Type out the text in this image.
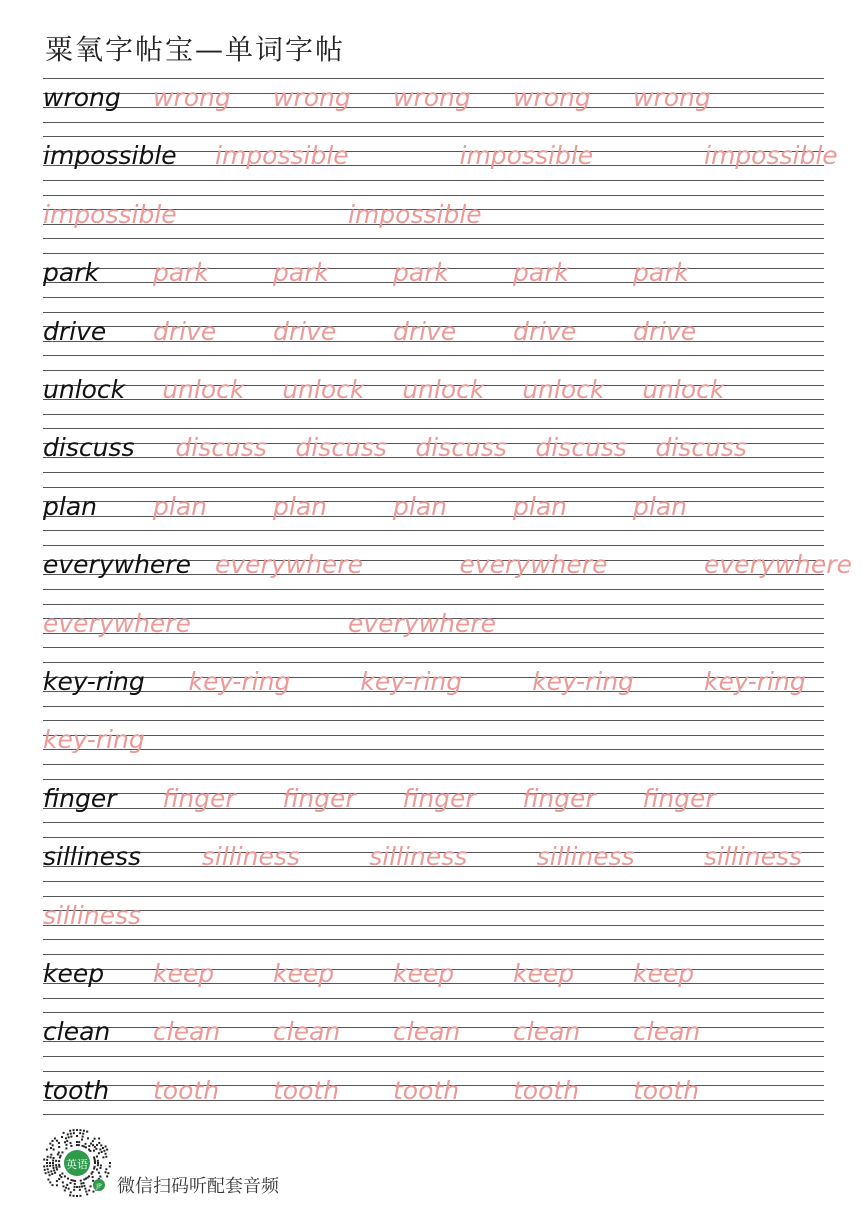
粟氧字帖宝—单词字帖
wrong wrong wrong wrong wrong wrong
impossible impossible	impossible	impossible
impossible	impossible
park park	park	park	park	park
drive drive drive drive drive drive
unlock unlock unlock unlock unlock unlock
discuss discuss discuss discuss discuss discuss
plan plan	plan	plan	plan	plan
everywhere everywhere	everywhere	everywhere
everywhere	everywhere
key-ring key-ring	key-ring	key-ring	key-ring
key-ring
finger finger finger finger finger finger
silliness silliness	silliness	silliness	silliness
silliness
keep keep keep keep keep keep
clean clean clean clean clean clean
tooth tooth tooth tooth tooth tooth
英语
JP 微信扫码听配套音频
